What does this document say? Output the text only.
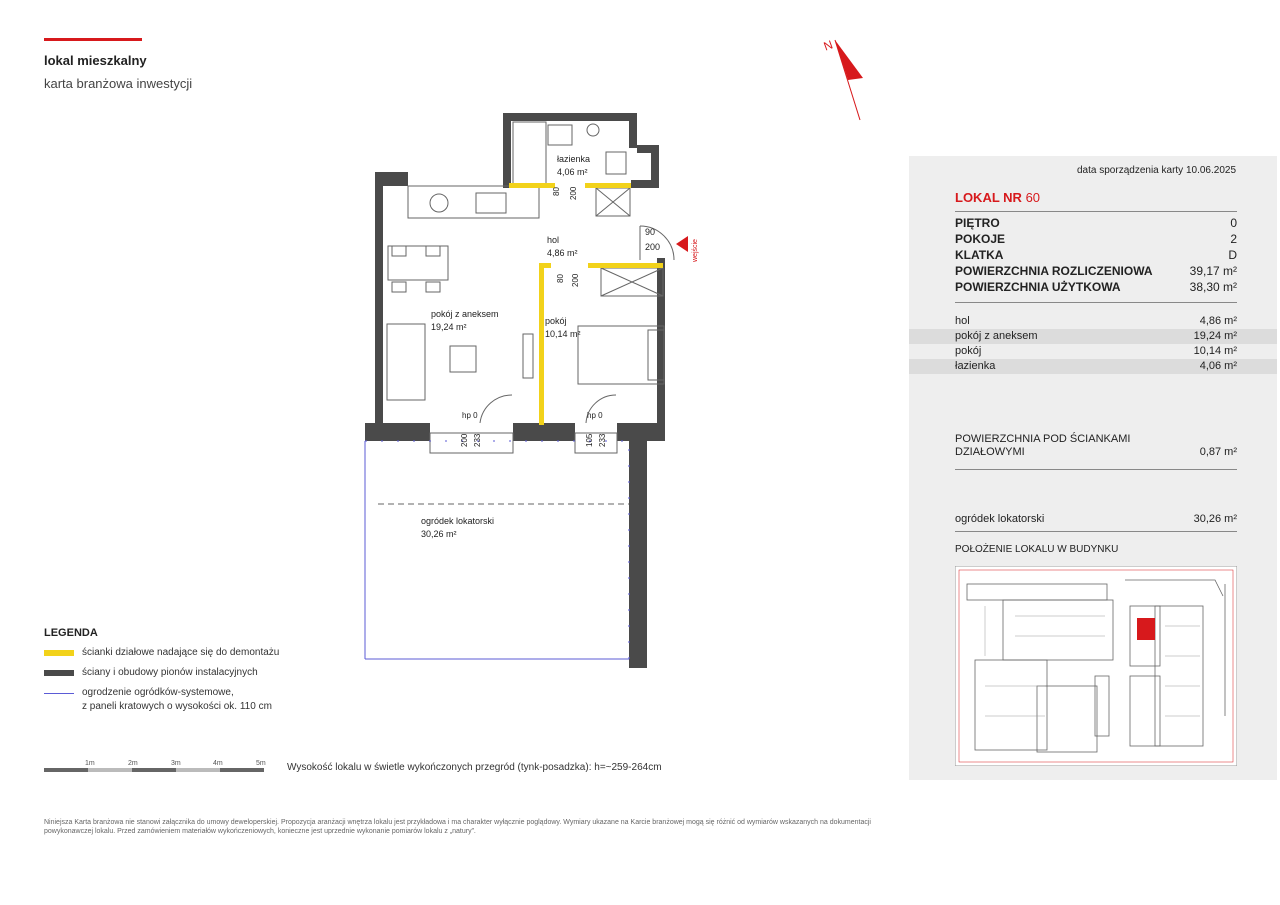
lokal mieszkalny
karta branżowa inwestycji
N
łazienka
4,06 m²
hol
4,86 m²
pokój z aneksem
19,24 m²
pokój
10,14 m²
ogródek lokatorski
30,26 m²
80 200
90
200
80 200
wejście
hp 0
200 233
hp 0
105 233
data sporządzenia karty 10.06.2025
LOKAL NR 60
PIĘTRO	0
POKOJE	2
KLATKA	D
POWIERZCHNIA ROZLICZENIOWA	39,17 m²
POWIERZCHNIA UŻYTKOWA	38,30 m²
hol	4,86 m²
pokój z aneksem	19,24 m²
pokój	10,14 m²
łazienka	4,06 m²
POWIERZCHNIA POD ŚCIANKAMI
DZIAŁOWYMI	0,87 m²
ogródek lokatorski	30,26 m²
POŁOŻENIE LOKALU W BUDYNKU
LEGENDA
ścianki działowe nadające się do demontażu
ściany i obudowy pionów instalacyjnych
ogrodzenie ogródków-systemowe,
z paneli kratowych o wysokości ok. 110 cm
1m	2m	3m	4m	5m Wysokość lokalu w świetle wykończonych przegród (tynk-posadzka): h=~259-264cm
Niniejsza Karta branżowa nie stanowi załącznika do umowy deweloperskiej. Propozycja aranżacji wnętrza lokalu jest przykładowa i ma charakter wyłącznie poglądowy. Wymiary ukazane na Karcie branżowej mogą się różnić od wymiarów wskazanych na dokumentacji powykonawczej lokalu. Przed zamówieniem materiałów wykończeniowych, konieczne jest uprzednie wykonanie pomiarów lokalu z „natury”.
